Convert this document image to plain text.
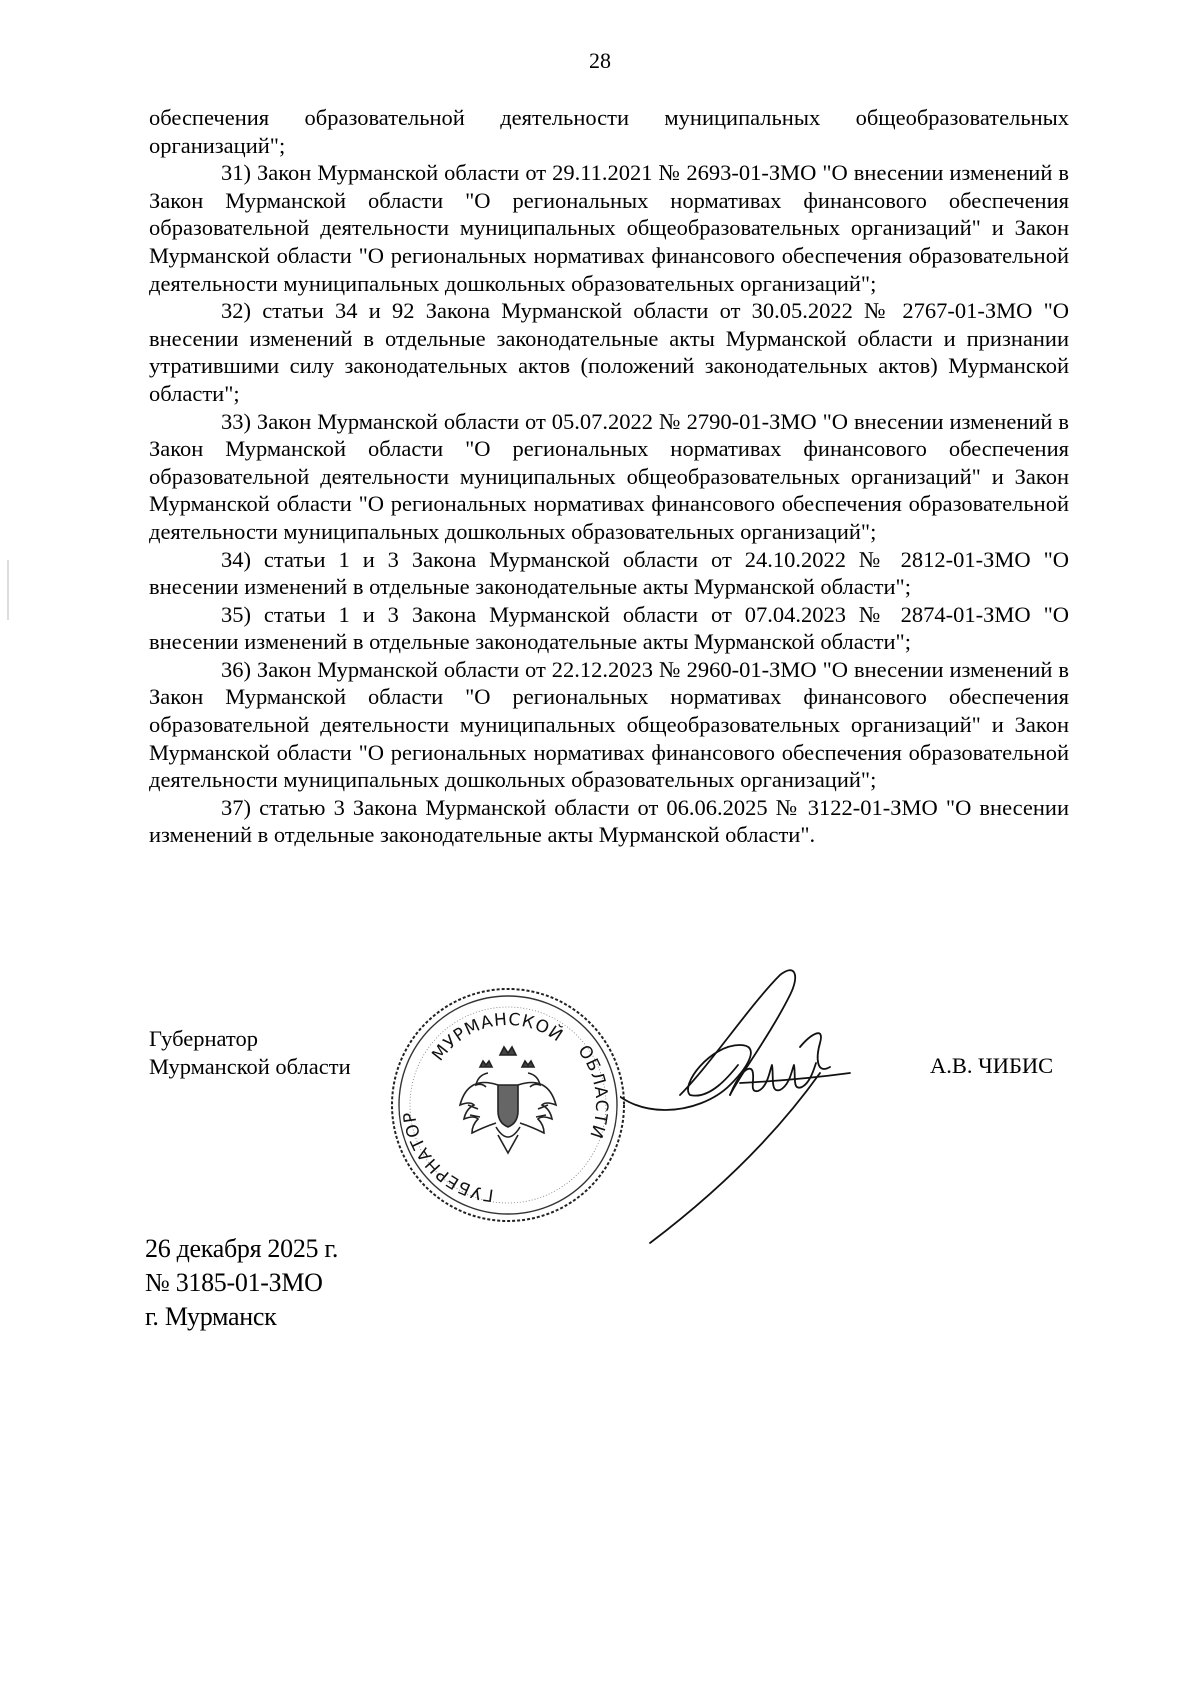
28

обеспечения образовательной деятельности муниципальных общеобразовательных организаций";

31) Закон Мурманской области от 29.11.2021 № 2693-01-ЗМО "О внесении изменений в Закон Мурманской области "О региональных нормативах финансового обеспечения образовательной деятельности муниципальных общеобразовательных организаций" и Закон Мурманской области "О региональных нормативах финансового обеспечения образовательной деятельности муниципальных дошкольных образовательных организаций";

32) статьи 34 и 92 Закона Мурманской области от 30.05.2022 № 2767-01-ЗМО "О внесении изменений в отдельные законодательные акты Мурманской области и признании утратившими силу законодательных актов (положений законодательных актов) Мурманской области";

33) Закон Мурманской области от 05.07.2022 № 2790-01-ЗМО "О внесении изменений в Закон Мурманской области "О региональных нормативах финансового обеспечения образовательной деятельности муниципальных общеобразовательных организаций" и Закон Мурманской области "О региональных нормативах финансового обеспечения образовательной деятельности муниципальных дошкольных образовательных организаций";

34) статьи 1 и 3 Закона Мурманской области от 24.10.2022 № 2812-01-ЗМО "О внесении изменений в отдельные законодательные акты Мурманской области";

35) статьи 1 и 3 Закона Мурманской области от 07.04.2023 № 2874-01-ЗМО "О внесении изменений в отдельные законодательные акты Мурманской области";

36) Закон Мурманской области от 22.12.2023 № 2960-01-ЗМО "О внесении изменений в Закон Мурманской области "О региональных нормативах финансового обеспечения образовательной деятельности муниципальных общеобразовательных организаций" и Закон Мурманской области "О региональных нормативах финансового обеспечения образовательной деятельности муниципальных дошкольных образовательных организаций";

37) статью 3 Закона Мурманской области от 06.06.2025 № 3122-01-ЗМО "О внесении изменений в отдельные законодательные акты Мурманской области".

Губернатор
Мурманской области
МУРМАНСКОЙ
ГУБЕРНАТОР
ОБЛАСТИ
А.В. ЧИБИС
26 декабря 2025 г.
№ 3185-01-ЗМО
г. Мурманск
